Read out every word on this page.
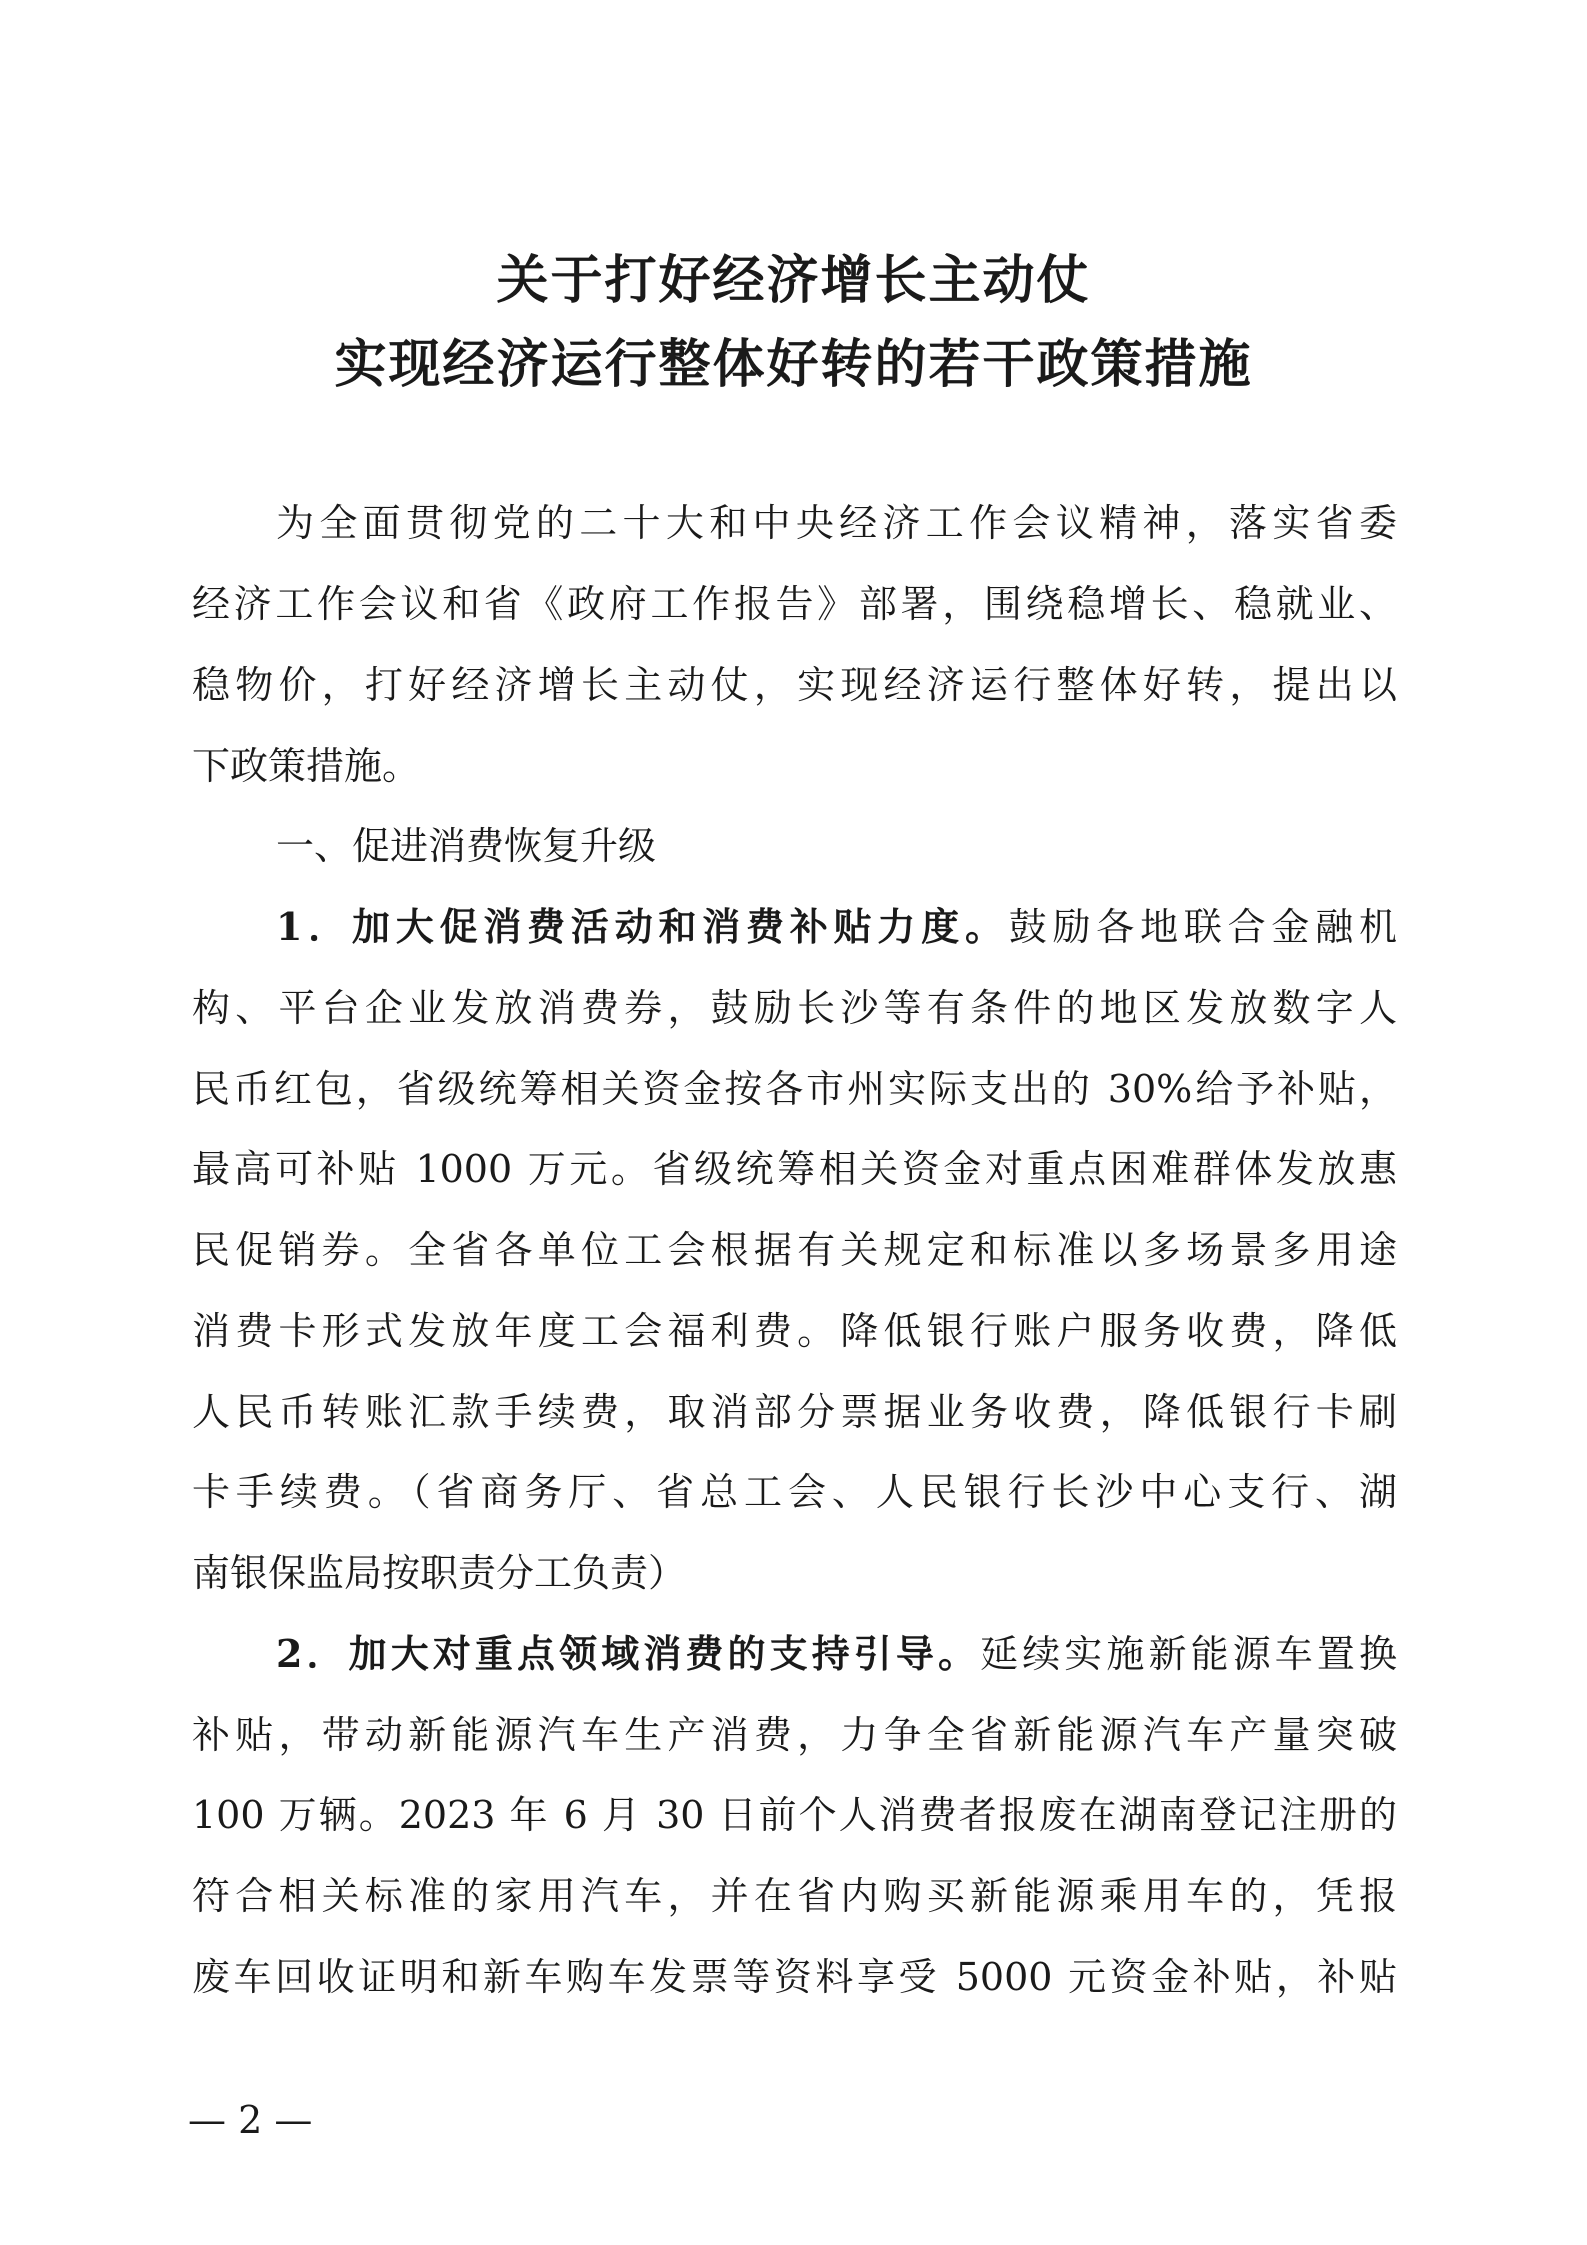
关于打好经济增长主动仗
实现经济运行整体好转的若干政策措施
为全面贯彻党的二十大和中央经济工作会议精神，落实省委
经济工作会议和省《政府工作报告》部署，围绕稳增长、稳就业、
稳物价，打好经济增长主动仗，实现经济运行整体好转，提出以
下政策措施。
一、促进消费恢复升级
1．加大促消费活动和消费补贴力度。鼓励各地联合金融机
构、平台企业发放消费券，鼓励长沙等有条件的地区发放数字人
民币红包，省级统筹相关资金按各市州实际支出的 30%给予补贴，
最高可补贴 1000 万元。省级统筹相关资金对重点困难群体发放惠
民促销券。全省各单位工会根据有关规定和标准以多场景多用途
消费卡形式发放年度工会福利费。降低银行账户服务收费，降低
人民币转账汇款手续费，取消部分票据业务收费，降低银行卡刷
卡手续费。（省商务厅、省总工会、人民银行长沙中心支行、湖
南银保监局按职责分工负责）
2．加大对重点领域消费的支持引导。延续实施新能源车置换
补贴，带动新能源汽车生产消费，力争全省新能源汽车产量突破
100 万辆。2023 年 6 月 30 日前个人消费者报废在湖南登记注册的
符合相关标准的家用汽车，并在省内购买新能源乘用车的，凭报
废车回收证明和新车购车发票等资料享受 5000 元资金补贴，补贴
— 2 —
